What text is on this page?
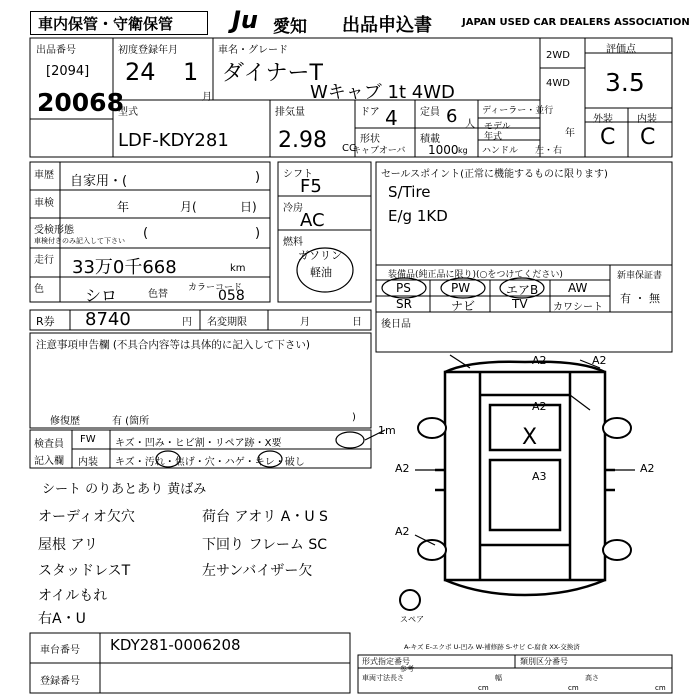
車内保管・守衛保管 Ju 愛知 出品申込書	JAPAN USED CAR DEALERS ASSOCIATION
出品番号
[2094]
20068
初度登録年月
24 1
月
車名・グレード
ダイナーT
Wキャブ 1t 4WD
2WD
4WD
評価点
3.5
型式
LDF-KDY281
排気量
2.98 CC
ドア 4 定員 6 人
ディーラー・並行
モデル
年式	年
形状
キャブオーバ
積載
1000 kg ハンドル 左・右
外装 内装
C C
車歴 自家用・(	)
車検	年	月(	日)
受検形態
車検付きのみ記入して下さい (	)
走行 33万0千668	km
色	シロ	色替
カラーコード
058
シフト
F5
冷房
AC
燃料
ガソリン
軽油
R券 8740	円 名変期限	月	日
セールスポイント(正常に機能するものに限ります)
S/Tire
E/g 1KD
装備品(純正品に限り)(○をつけてください)
PS	PW	エアB AW
SR	ナビ	TV	カワシート
新車保証書
有 ・ 無
後日品
注意事項申告欄 (不具合内容等は具体的に記入して下さい)
修復歴	有 (箇所	)
検査員
記入欄
FW キズ・凹み・ヒビ割・リペア跡・X要
内装 キズ・汚れ・焦げ・穴・ハゲ・キレ・破し
シート のりあとあり 黄ばみ
オーディオ欠穴	荷台 アオリ A・U S
屋根 アリ	下回り フレーム SC
スタッドレスT	左サンバイザー欠
オイルもれ
右A・U
A2	A2
A2
A2
A3
A2
A2
1m	X
スペア
A-キズ E-エクボ U-凹み W-補修跡 S-サビ C-腐食 XX-交換済
車台番号 KDY281-0006208
登録番号
形式指定番号	類別区分番号
参考
車両寸法長さ
cm
幅
cm
高さ
cm
